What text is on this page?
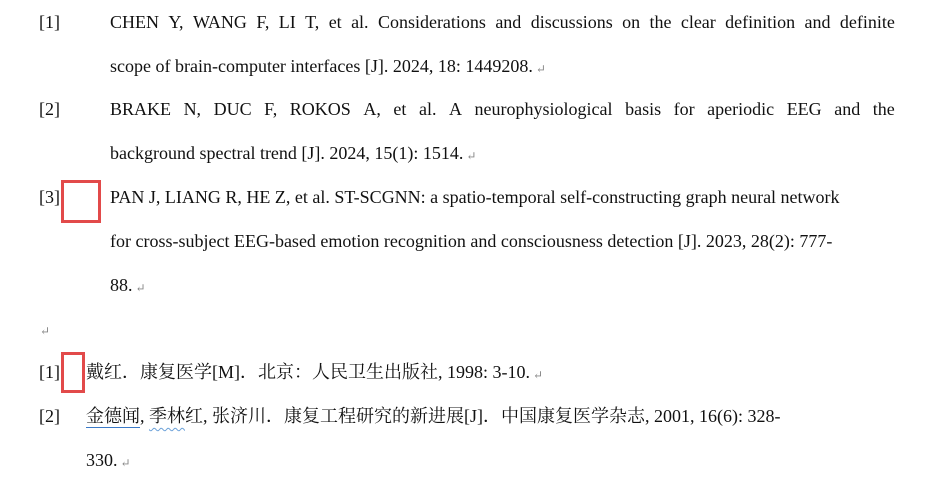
[1]	CHEN Y, WANG F, LI T, et al. Considerations and discussions on the clear definition and definite
scope of brain-computer interfaces [J]. 2024, 18: 1449208. ↵
[2]	BRAKE N, DUC F, ROKOS A, et al. A neurophysiological basis for aperiodic EEG and the
background spectral trend [J]. 2024, 15(1): 1514. ↵
[3]	PAN J, LIANG R, HE Z, et al. ST-SCGNN: a spatio-temporal self-constructing graph neural network
for cross-subject EEG-based emotion recognition and consciousness detection [J]. 2023, 28(2): 777-
88. ↵
↵
[1] 戴红．康复医学[M]．北京：人民卫生出版社, 1998: 3-10. ↵
[2] 金德闻, 季林红, 张济川．康复工程研究的新进展[J]．中国康复医学杂志, 2001, 16(6): 328-
330. ↵
